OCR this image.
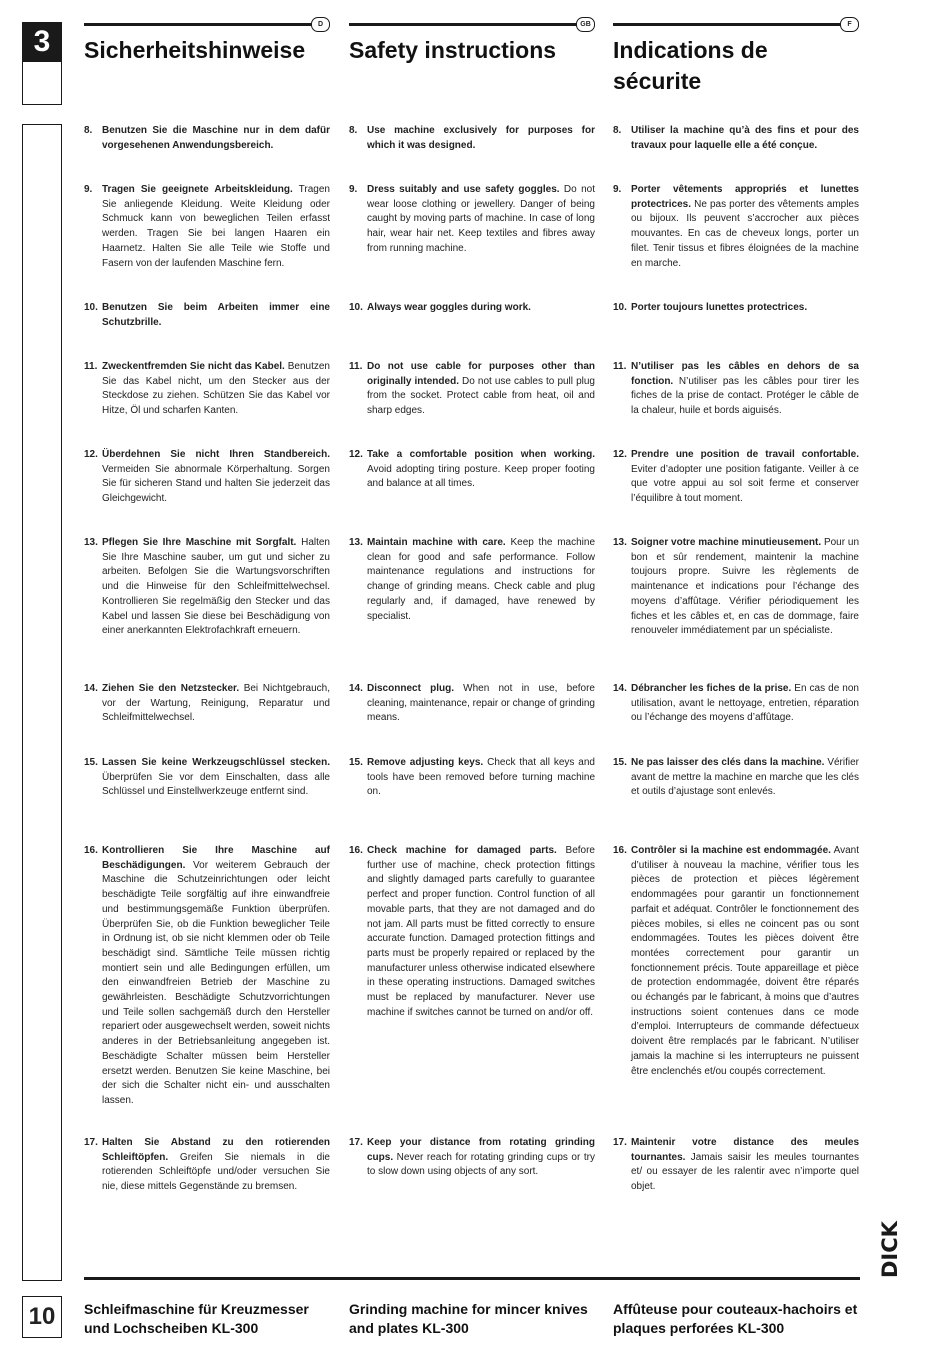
3
10
D
Sicherheitshinweise
GB
Safety instructions
F
Indications de sécurite
8. Benutzen Sie die Maschine nur in dem dafür vorgesehenen Anwendungsbereich.
9. Tragen Sie geeignete Arbeitskleidung. Tragen Sie anliegende Kleidung. Weite Kleidung oder Schmuck kann von beweglichen Teilen erfasst werden. Tragen Sie bei langen Haaren ein Haarnetz. Halten Sie alle Teile wie Stoffe und Fasern von der laufenden Maschine fern.
10. Benutzen Sie beim Arbeiten immer eine Schutzbrille.
11. Zweckentfremden Sie nicht das Kabel. Benutzen Sie das Kabel nicht, um den Stecker aus der Steckdose zu ziehen. Schützen Sie das Kabel vor Hitze, Öl und scharfen Kanten.
12. Überdehnen Sie nicht Ihren Standbereich. Vermeiden Sie abnormale Körperhaltung. Sorgen Sie für sicheren Stand und halten Sie jederzeit das Gleichgewicht.
13. Pflegen Sie Ihre Maschine mit Sorgfalt. Halten Sie Ihre Maschine sauber, um gut und sicher zu arbeiten. Befolgen Sie die Wartungsvorschriften und die Hinweise für den Schleifmittelwechsel. Kontrollieren Sie regelmäßig den Stecker und das Kabel und lassen Sie diese bei Beschädigung von einer anerkannten Elektrofachkraft erneuern.
14. Ziehen Sie den Netzstecker. Bei Nichtgebrauch, vor der Wartung, Reinigung, Reparatur und Schleifmittelwechsel.
15. Lassen Sie keine Werkzeugschlüssel stecken. Überprüfen Sie vor dem Einschalten, dass alle Schlüssel und Einstellwerkzeuge entfernt sind.
16. Kontrollieren Sie Ihre Maschine auf Beschädigungen. Vor weiterem Gebrauch der Maschine die Schutzeinrichtungen oder leicht beschädigte Teile sorgfältig auf ihre einwandfreie und bestimmungsgemäße Funktion überprüfen. Überprüfen Sie, ob die Funktion beweglicher Teile in Ordnung ist, ob sie nicht klemmen oder ob Teile beschädigt sind. Sämtliche Teile müssen richtig montiert sein und alle Bedingungen erfüllen, um den einwandfreien Betrieb der Maschine zu gewährleisten. Beschädigte Schutzvorrichtungen und Teile sollen sachgemäß durch den Hersteller repariert oder ausgewechselt werden, soweit nichts anderes in der Betriebsanleitung angegeben ist. Beschädigte Schalter müssen beim Hersteller ersetzt werden. Benutzen Sie keine Maschine, bei der sich die Schalter nicht ein- und ausschalten lassen.
17. Halten Sie Abstand zu den rotierenden Schleiftöpfen. Greifen Sie niemals in die rotierenden Schleiftöpfe und/oder versuchen Sie nie, diese mittels Gegenstände zu bremsen.
8. Use machine exclusively for purposes for which it was designed.
9. Dress suitably and use safety goggles. Do not wear loose clothing or jewellery. Danger of being caught by moving parts of machine. In case of long hair, wear hair net. Keep textiles and fibres away from running machine.
10. Always wear goggles during work.
11. Do not use cable for purposes other than originally intended. Do not use cables to pull plug from the socket. Protect cable from heat, oil and sharp edges.
12. Take a comfortable position when working. Avoid adopting tiring posture. Keep proper footing and balance at all times.
13. Maintain machine with care. Keep the machine clean for good and safe performance. Follow maintenance regulations and instructions for change of grinding means. Check cable and plug regularly and, if damaged, have renewed by specialist.
14. Disconnect plug. When not in use, before cleaning, maintenance, repair or change of grinding means.
15. Remove adjusting keys. Check that all keys and tools have been removed before turning machine on.
16. Check machine for damaged parts. Before further use of machine, check protection fittings and slightly damaged parts carefully to guarantee perfect and proper function. Control function of all movable parts, that they are not damaged and do not jam. All parts must be fitted correctly to ensure accurate function. Damaged protection fittings and parts must be properly repaired or replaced by the manufacturer unless otherwise indicated elsewhere in these operating instructions. Damaged switches must be replaced by manufacturer. Never use machine if switches cannot be turned on and/or off.
17. Keep your distance from rotating grinding cups. Never reach for rotating grinding cups or try to slow down using objects of any sort.
8. Utiliser la machine qu’à des fins et pour des travaux pour laquelle elle a été conçue.
9. Porter vêtements appropriés et lunettes protectrices. Ne pas porter des vêtements amples ou bijoux. Ils peuvent s’accrocher aux pièces mouvantes. En cas de cheveux longs, porter un filet. Tenir tissus et fibres éloignées de la machine en marche.
10. Porter toujours lunettes protectrices.
11. N’utiliser pas les câbles en dehors de sa fonction. N’utiliser pas les câbles pour tirer les fiches de la prise de contact. Protéger le câble de la chaleur, huile et bords aiguisés.
12. Prendre une position de travail confortable. Eviter d’adopter une position fatigante. Veiller à ce que votre appui au sol soit ferme et conserver l’équilibre à tout moment.
13. Soigner votre machine minutieusement. Pour un bon et sûr rendement, maintenir la machine toujours propre. Suivre les règlements de maintenance et indications pour l’échange des moyens d’affûtage. Vérifier périodiquement les fiches et les câbles et, en cas de dommage, faire renouveler immédiatement par un spécialiste.
14. Débrancher les fiches de la prise. En cas de non utilisation, avant le nettoyage, entretien, réparation ou l’échange des moyens d’affûtage.
15. Ne pas laisser des clés dans la machine. Vérifier avant de mettre la machine en marche que les clés et outils d’ajustage sont enlevés.
16. Contrôler si la machine est endommagée. Avant d’utiliser à nouveau la machine, vérifier tous les pièces de protection et pièces légèrement endommagées pour garantir un fonctionnement parfait et adéquat. Contrôler le fonctionnement des pièces mobiles, si elles ne coincent pas ou sont endommagées. Toutes les pièces doivent être montées correctement pour garantir un fonctionnement précis. Toute appareillage et pièce de protection endommagée, doivent être réparés ou échangés par le fabricant, à moins que d’autres instructions soient contenues dans ce mode d’emploi. Interrupteurs de commande défectueux doivent être remplacés par le fabricant. N’utiliser jamais la machine si les interrupteurs ne puissent être enclenchés et/ou coupés correctement.
17. Maintenir votre distance des meules tournantes. Jamais saisir les meules tournantes et/ ou essayer de les ralentir avec n’importe quel objet.
Schleifmaschine für Kreuzmesser und Lochscheiben KL-300
Grinding machine for mincer knives and plates KL-300
Affûteuse pour couteaux-hachoirs et plaques perforées KL-300
DICK
